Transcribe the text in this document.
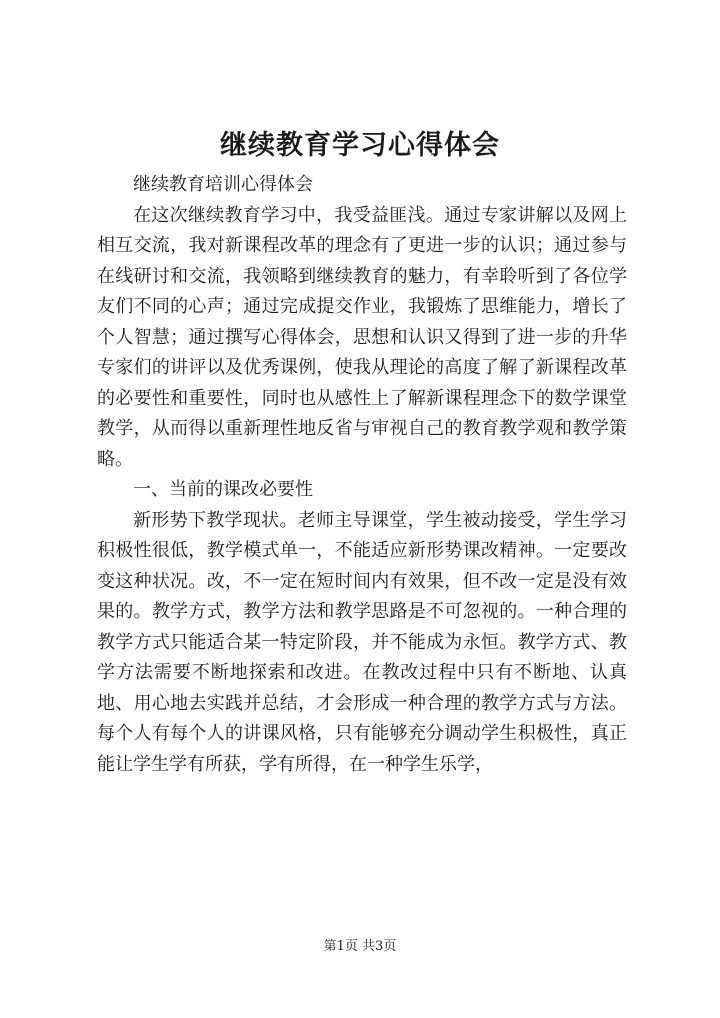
继续教育学习心得体会

继续教育培训心得体会

在这次继续教育学习中，我受益匪浅。通过专家讲解以及网上相互交流，我对新课程改革的理念有了更进一步的认识；通过参与在线研讨和交流，我领略到继续教育的魅力，有幸聆听到了各位学友们不同的心声；通过完成提交作业，我锻炼了思维能力，增长了个人智慧；通过撰写心得体会，思想和认识又得到了进一步的升华专家们的讲评以及优秀课例，使我从理论的高度了解了新课程改革的必要性和重要性，同时也从感性上了解新课程理念下的数学课堂教学，从而得以重新理性地反省与审视自己的教育教学观和教学策略。

一、当前的课改必要性

新形势下教学现状。老师主导课堂，学生被动接受，学生学习积极性很低，教学模式单一，不能适应新形势课改精神。一定要改变这种状况。改，不一定在短时间内有效果，但不改一定是没有效果的。教学方式，教学方法和教学思路是不可忽视的。一种合理的教学方式只能适合某一特定阶段，并不能成为永恒。教学方式、教学方法需要不断地探索和改进。在教改过程中只有不断地、认真地、用心地去实践并总结，才会形成一种合理的教学方式与方法。每个人有每个人的讲课风格，只有能够充分调动学生积极性，真正能让学生学有所获，学有所得，在一种学生乐学，

第1页 共3页
